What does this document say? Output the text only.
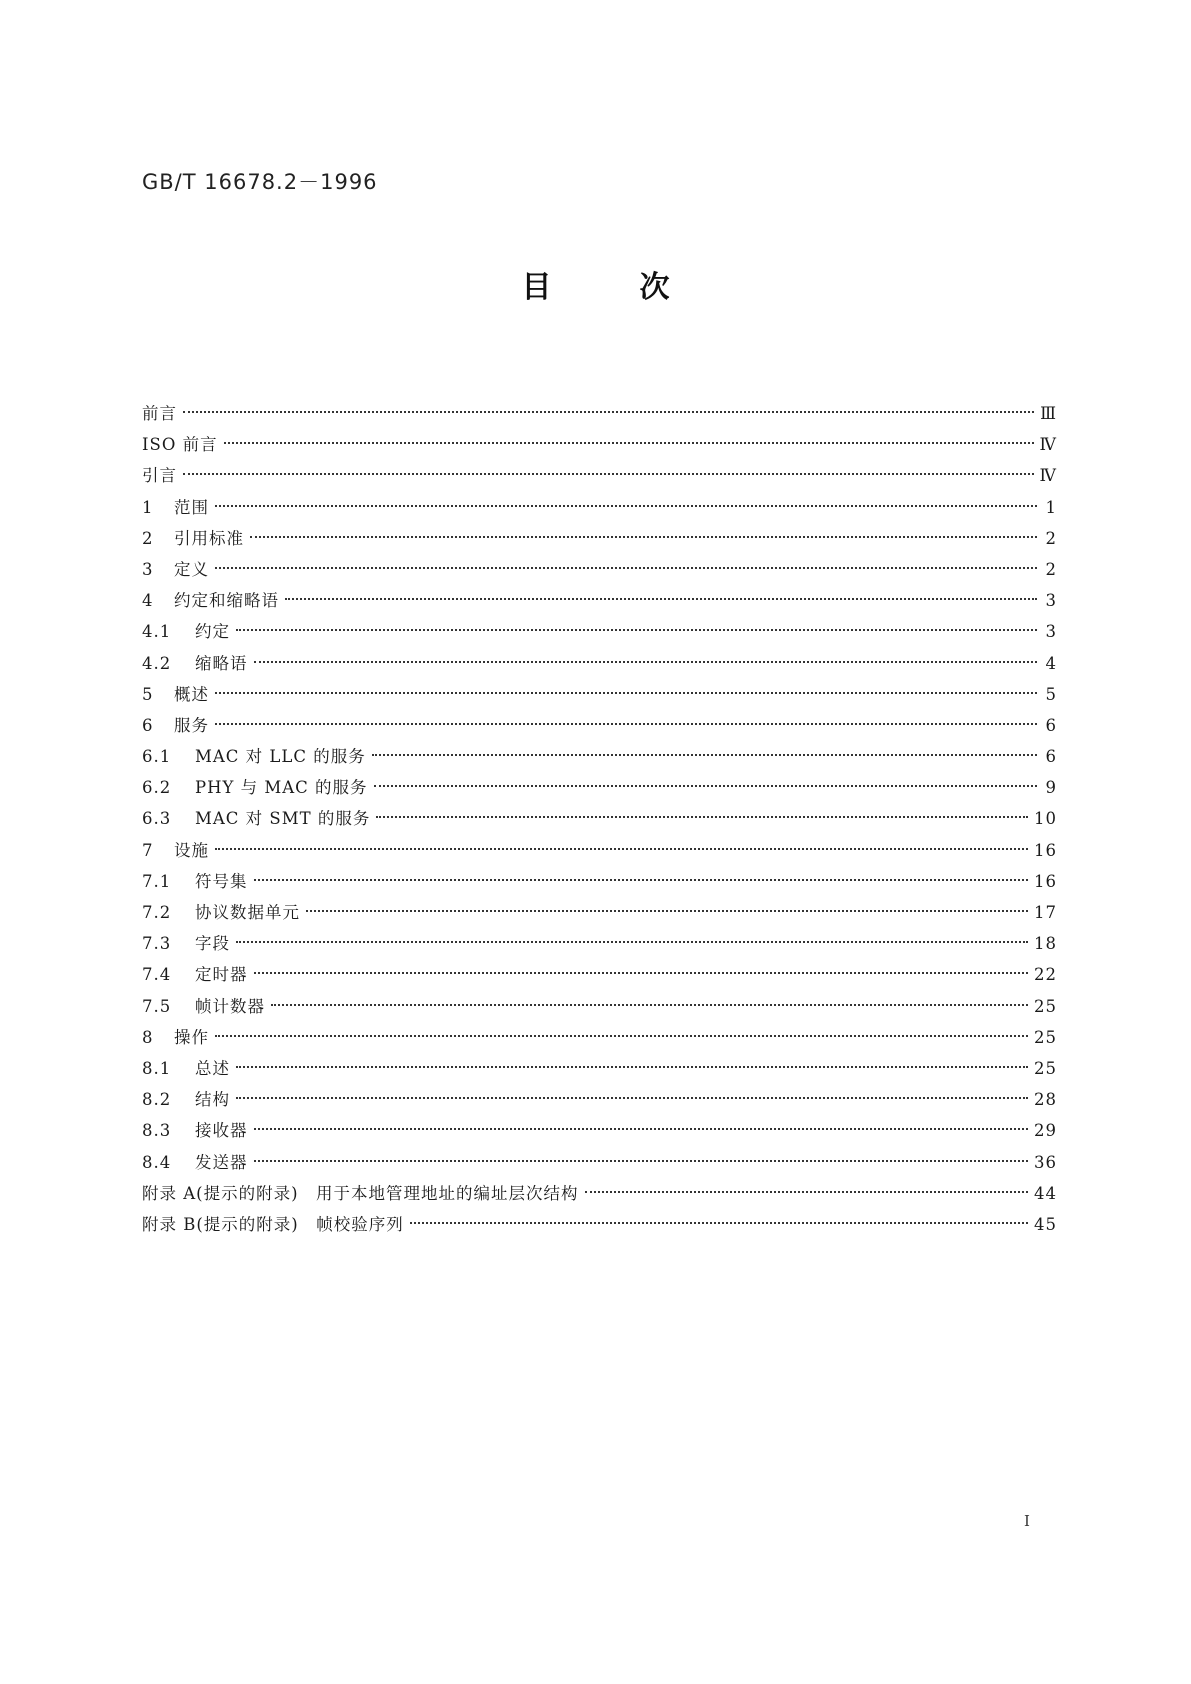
GB/T 16678.2－1996
目次
前言	Ⅲ
ISO 前言	Ⅳ
引言	Ⅳ
1	范围	1
2	引用标准	2
3	定义	2
4	约定和缩略语	3
4.1	约定	3
4.2	缩略语	4
5	概述	5
6	服务	6
6.1	MAC 对 LLC 的服务	6
6.2	PHY 与 MAC 的服务	9
6.3	MAC 对 SMT 的服务	10
7	设施	16
7.1	符号集	16
7.2	协议数据单元	17
7.3	字段	18
7.4	定时器	22
7.5	帧计数器	25
8	操作	25
8.1	总述	25
8.2	结构	28
8.3	接收器	29
8.4	发送器	36
附录 A(提示的附录)　用于本地管理地址的编址层次结构	44
附录 B(提示的附录)　帧校验序列	45
Ⅰ
